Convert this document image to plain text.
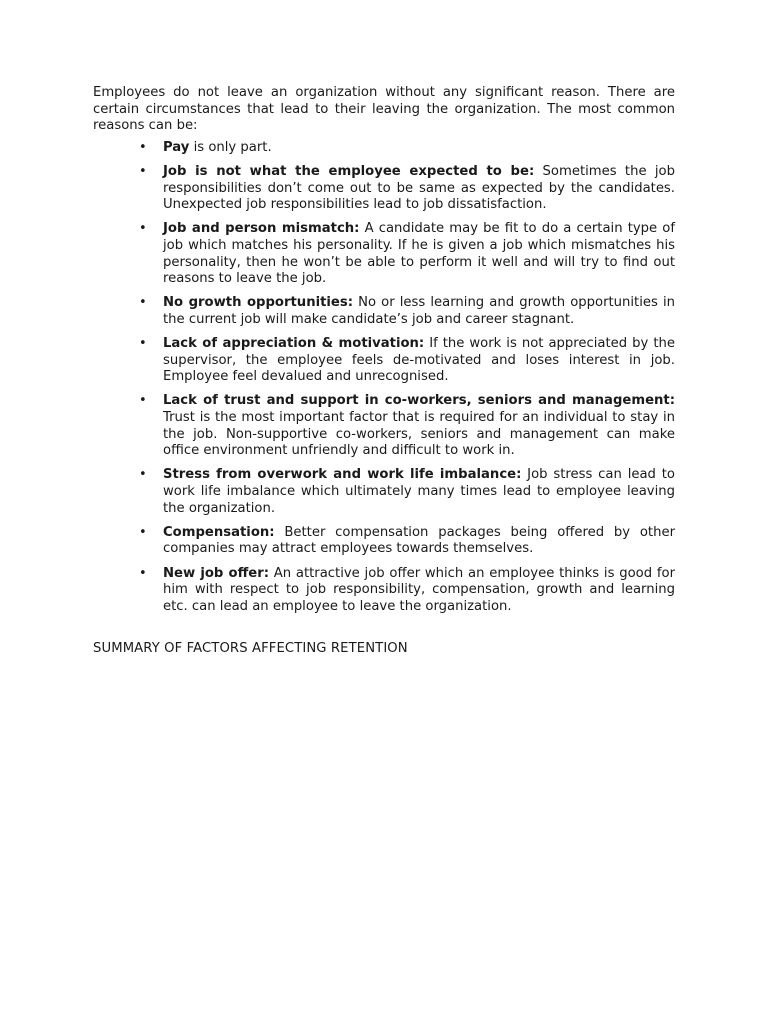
Employees do not leave an organization without any significant reason. There are certain circumstances that lead to their leaving the organization. The most common reasons can be:

• Pay is only part.
• Job is not what the employee expected to be: Sometimes the job responsibilities don’t come out to be same as expected by the candidates. Unexpected job responsibilities lead to job dissatisfaction.
• Job and person mismatch: A candidate may be fit to do a certain type of job which matches his personality. If he is given a job which mismatches his personality, then he won’t be able to perform it well and will try to find out reasons to leave the job.
• No growth opportunities: No or less learning and growth opportunities in the current job will make candidate’s job and career stagnant.
• Lack of appreciation & motivation: If the work is not appreciated by the supervisor, the employee feels de-motivated and loses interest in job. Employee feel devalued and unrecognised.
• Lack of trust and support in co-workers, seniors and management: Trust is the most important factor that is required for an individual to stay in the job. Non-supportive co-workers, seniors and management can make office environment unfriendly and difficult to work in.
• Stress from overwork and work life imbalance: Job stress can lead to work life imbalance which ultimately many times lead to employee leaving the organization.
• Compensation: Better compensation packages being offered by other companies may attract employees towards themselves.
• New job offer: An attractive job offer which an employee thinks is good for him with respect to job responsibility, compensation, growth and learning etc. can lead an employee to leave the organization.
SUMMARY OF FACTORS AFFECTING RETENTION
